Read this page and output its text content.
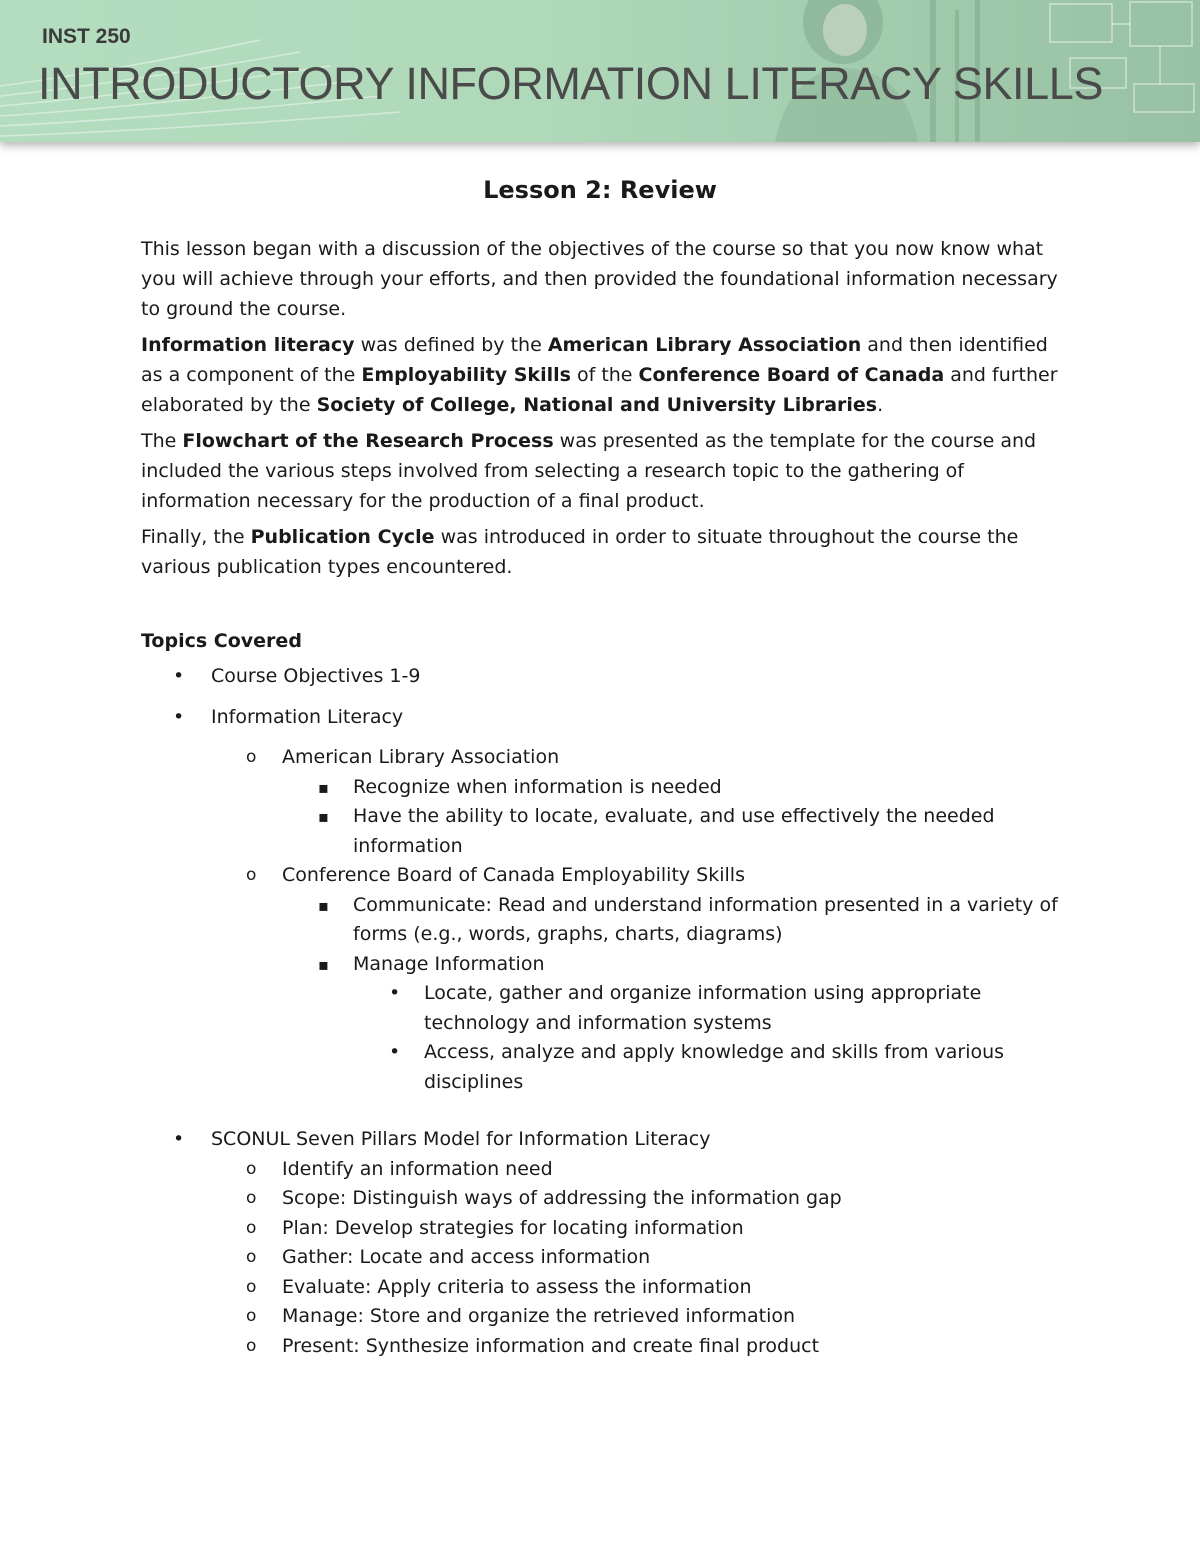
INST 250
INTRODUCTORY INFORMATION LITERACY SKILLS
Lesson 2: Review

This lesson began with a discussion of the objectives of the course so that you now know what you will achieve through your efforts, and then provided the foundational information necessary to ground the course.

Information literacy was defined by the American Library Association and then identified as a component of the Employability Skills of the Conference Board of Canada and further elaborated by the Society of College, National and University Libraries.

The Flowchart of the Research Process was presented as the template for the course and included the various steps involved from selecting a research topic to the gathering of information necessary for the production of a final product.

Finally, the Publication Cycle was introduced in order to situate throughout the course the various publication types encountered.

Topics Covered
• Course Objectives 1-9
• Information Literacy
o American Library Association
▪ Recognize when information is needed
▪ Have the ability to locate, evaluate, and use effectively the needed information
o Conference Board of Canada Employability Skills
▪ Communicate: Read and understand information presented in a variety of forms (e.g., words, graphs, charts, diagrams)
▪ Manage Information
• Locate, gather and organize information using appropriate technology and information systems
• Access, analyze and apply knowledge and skills from various disciplines
• SCONUL Seven Pillars Model for Information Literacy
o Identify an information need
o Scope: Distinguish ways of addressing the information gap
o Plan: Develop strategies for locating information
o Gather: Locate and access information
o Evaluate: Apply criteria to assess the information
o Manage: Store and organize the retrieved information
o Present: Synthesize information and create final product
